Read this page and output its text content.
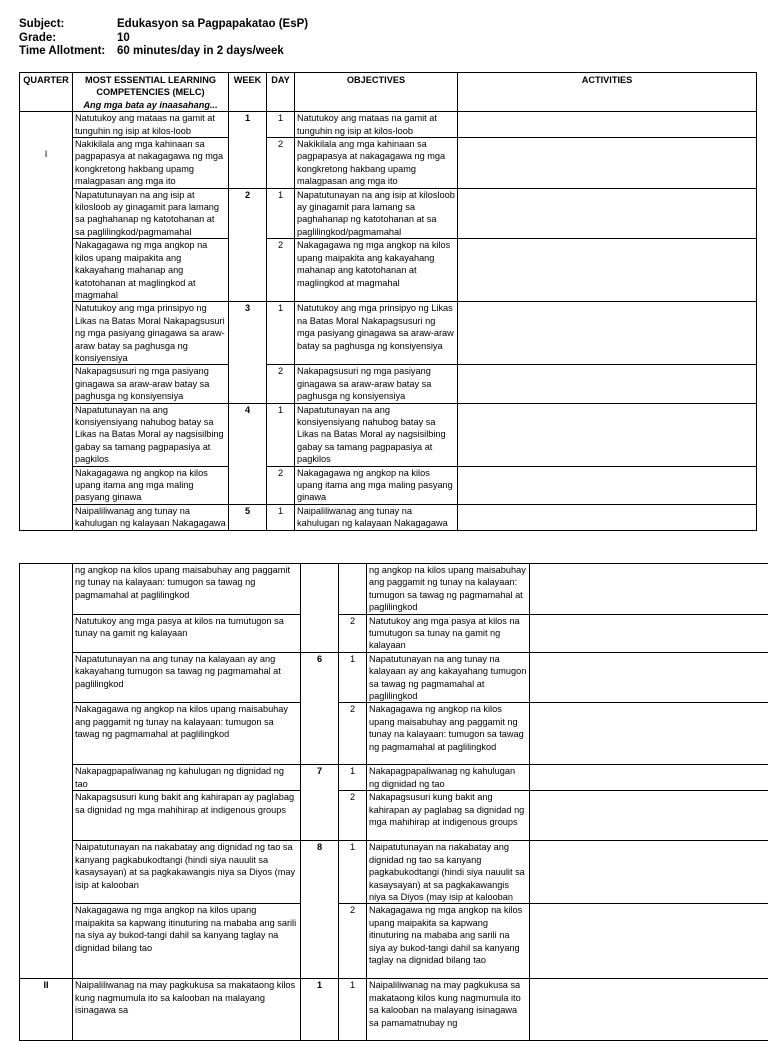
Subject:	Edukasyon sa Pagpapakatao (EsP)
Grade:	10
Time Allotment:	60 minutes/day in 2 days/week
QUARTER	MOST ESSENTIAL LEARNING COMPETENCIES (MELC)
Ang mga bata ay inaasahang...	WEEK	DAY	OBJECTIVES	ACTIVITIES
I	Natutukoy ang mataas na gamit at tunguhin ng isip at kilos-loob	1	1	Natutukoy ang mataas na gamit at tunguhin ng isip at kilos-loob	
	Nakikilala ang mga kahinaan sa pagpapasya at nakagagawa ng mga kongkretong hakbang upamg malagpasan ang mga ito		2	Nakikilala ang mga kahinaan sa pagpapasya at nakagagawa ng mga kongkretong hakbang upamg malagpasan ang mga ito	
	Napatutunayan na ang isip at kilosloob ay ginagamit para lamang sa paghahanap ng katotohanan at sa paglilingkod/pagmamahal	2	1	Napatutunayan na ang isip at kilosloob ay ginagamit para lamang sa paghahanap ng katotohanan at sa paglilingkod/pagmamahal	
	Nakagagawa ng mga angkop na kilos upang maipakita ang kakayahang mahanap ang katotohanan at maglingkod at magmahal		2	Nakagagawa ng mga angkop na kilos upang maipakita ang kakayahang mahanap ang katotohanan at maglingkod at magmahal	
	Natutukoy ang mga prinsipyo ng Likas na Batas Moral Nakapagsusuri ng mga pasiyang ginagawa sa araw-araw batay sa paghusga ng konsiyensiya	3	1	Natutukoy ang mga prinsipyo ng Likas na Batas Moral Nakapagsusuri ng mga pasiyang ginagawa sa araw-araw batay sa paghusga ng konsiyensiya	
	Nakapagsusuri ng mga pasiyang ginagawa sa araw-araw batay sa paghusga ng konsiyensiya		2	Nakapagsusuri ng mga pasiyang ginagawa sa araw-araw batay sa paghusga ng konsiyensiya	
	Napatutunayan na ang konsiyensiyang nahubog batay sa Likas na Batas Moral ay nagsisilbing gabay sa tamang pagpapasiya at pagkilos	4	1	Napatutunayan na ang konsiyensiyang nahubog batay sa Likas na Batas Moral ay nagsisilbing gabay sa tamang pagpapasiya at pagkilos	
	Nakagagawa ng angkop na kilos upang itama ang mga maling pasyang ginawa		2	Nakagagawa ng angkop na kilos upang itama ang mga maling pasyang ginawa	
	Naipaliliwanag ang tunay na kahulugan ng kalayaan Nakagagawa	5	1	Naipaliliwanag ang tunay na kahulugan ng kalayaan Nakagagawa	
	ng angkop na kilos upang maisabuhay ang paggamit ng tunay na kalayaan: tumugon sa tawag ng pagmamahal at paglilingkod			ng angkop na kilos upang maisabuhay ang paggamit ng tunay na kalayaan: tumugon sa tawag ng pagmamahal at paglilingkod	
	Natutukoy ang mga pasya at kilos na tumutugon sa tunay na gamit ng kalayaan		2	Natutukoy ang mga pasya at kilos na tumutugon sa tunay na gamit ng kalayaan	
	Napatutunayan na ang tunay na kalayaan ay ang kakayahang tumugon sa tawag ng pagmamahal at paglilingkod	6	1	Napatutunayan na ang tunay na kalayaan ay ang kakayahang tumugon sa tawag ng pagmamahal at paglilingkod	
	Nakagagawa ng angkop na kilos upang maisabuhay ang paggamit ng tunay na kalayaan: tumugon sa tawag ng pagmamahal at paglilingkod		2	Nakagagawa ng angkop na kilos upang maisabuhay ang paggamit ng tunay na kalayaan: tumugon sa tawag ng pagmamahal at paglilingkod	
	Nakapagpapaliwanag ng kahulugan ng dignidad ng tao	7	1	Nakapagpapaliwanag ng kahulugan ng dignidad ng tao	
	Nakapagsusuri kung bakit ang kahirapan ay paglabag sa dignidad ng mga mahihirap at indigenous groups		2	Nakapagsusuri kung bakit ang kahirapan ay paglabag sa dignidad ng mga mahihirap at indigenous groups	
	Naipatutunayan na nakabatay ang dignidad ng tao sa kanyang pagkabukodtangi (hindi siya nauulit sa kasaysayan) at sa pagkakawangis niya sa Diyos (may isip at kalooban	8	1	Naipatutunayan na nakabatay ang dignidad ng tao sa kanyang pagkabukodtangi (hindi siya nauulit sa kasaysayan) at sa pagkakawangis niya sa Diyos (may isip at kalooban	
	Nakagagawa ng mga angkop na kilos upang maipakita sa kapwang itinuturing na mababa ang sarili na siya ay bukod-tangi dahil sa kanyang taglay na dignidad bilang tao		2	Nakagagawa ng mga angkop na kilos upang maipakita sa kapwang itinuturing na mababa ang sarili na siya ay bukod-tangi dahil sa kanyang taglay na dignidad bilang tao	
II	Naipaliliwanag na may pagkukusa sa makataong kilos kung nagmumula ito sa kalooban na malayang isinagawa sa	1	1	Naipaliliwanag na may pagkukusa sa makataong kilos kung nagmumula ito sa kalooban na malayang isinagawa sa pamamatnubay ng	
